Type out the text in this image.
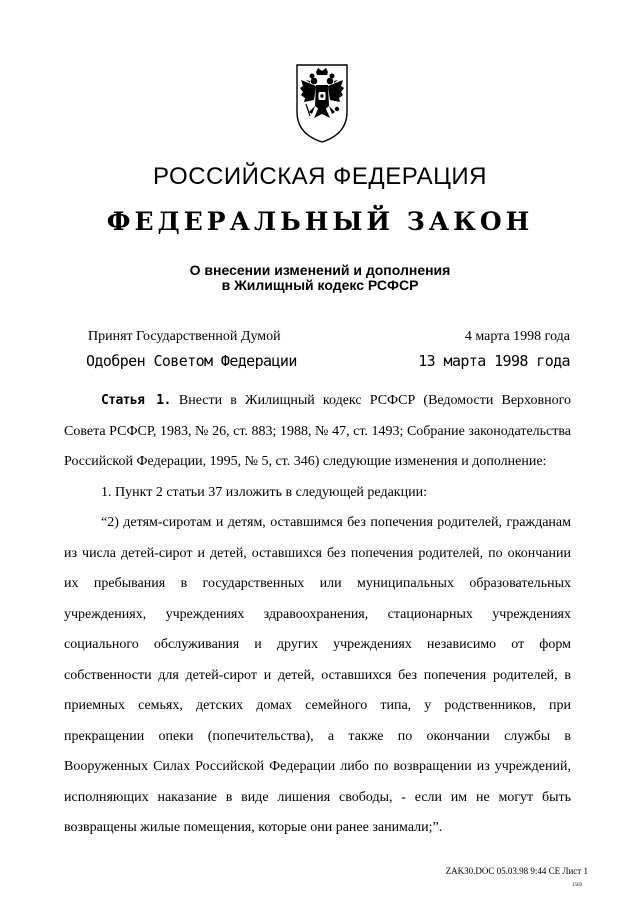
РОССИЙСКАЯ ФЕДЕРАЦИЯ
ФЕДЕРАЛЬНЫЙ ЗАКОН
О внесении изменений и дополнения
в Жилищный кодекс РСФСР
Принят Государственной Думой	4 марта 1998 года
Одобрен Советом Федерации	13 марта 1998 года

Статья 1. Внести в Жилищный кодекс РСФСР (Ведомости Верховного Совета РСФСР, 1983, № 26, ст. 883; 1988, № 47, ст. 1493; Собрание законодательства Российской Федерации, 1995, № 5, ст. 346) следующие изменения и дополнение:

1. Пункт 2 статьи 37 изложить в следующей редакции:

“2) детям-сиротам и детям, оставшимся без попечения родителей, гражданам из числа детей-сирот и детей, оставшихся без попечения родителей, по окончании их пребывания в государственных или муниципальных образовательных учреждениях, учреждениях здравоохранения, стационарных учреждениях социального обслуживания и других учреждениях независимо от форм собственности для детей-сирот и детей, оставшихся без попечения родителей, в приемных семьях, детских домах семейного типа, у родственников, при прекращении опеки (попечительства), а также по окончании службы в Вооруженных Силах Российской Федерации либо по возвращении из учреждений, исполняющих наказание в виде лишения свободы, - если им не могут быть возвращены жилые помещения, которые они ранее занимали;”.

ZAK30.DOC 05.03.98 9:44 CE Лист 1
1569
